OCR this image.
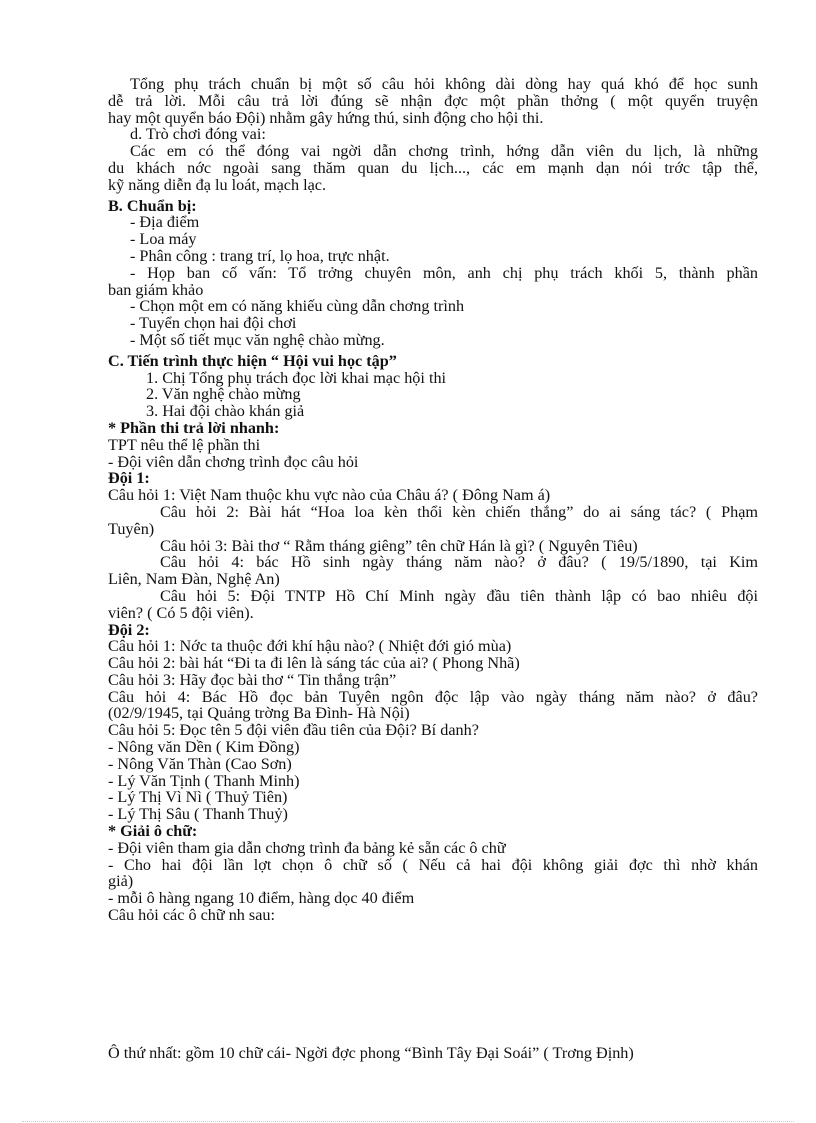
Tổng phụ trách chuẩn bị một số câu hỏi không dài dòng hay quá khó để học sunh

dễ trả lời. Mỗi câu trả lời đúng sẽ nhận đợc một phần thởng ( một quyển truyện

hay một quyển báo Đội) nhằm gây hứng thú, sinh động cho hội thi.

d. Trò chơi đóng vai:

Các em có thể đóng vai ngời dẫn chơng trình, hớng dẫn viên du lịch, là những

du khách nớc ngoài sang thăm quan du lịch..., các em mạnh dạn nói trớc tập thể,

kỹ năng diễn đạ lu loát, mạch lạc.

B. Chuẩn bị:

- Địa điểm

- Loa máy

- Phân công : trang trí, lọ hoa, trực nhật.

- Họp ban cố vấn: Tổ trởng chuyên môn, anh chị phụ trách khối 5, thành phần

ban giám khảo

- Chọn một em có năng khiếu cùng dẫn chơng trình

- Tuyển chọn hai đội chơi

- Một số tiết mục văn nghệ chào mừng.

C. Tiến trình thực hiện “ Hội vui học tập”

1. Chị Tổng phụ trách đọc lời khai mạc hội thi

2. Văn nghệ chào mừng

3. Hai đội chào khán giả

* Phần thi trả lời nhanh:

TPT nêu thể lệ phần thi

- Đội viên dẫn chơng trình đọc câu hỏi

Đội 1:

Câu hỏi 1: Việt Nam thuộc khu vực nào của Châu á? ( Đông Nam á)

Câu hỏi 2: Bài hát “Hoa loa kèn thổi kèn chiến thắng” do ai sáng tác? ( Phạm

Tuyên)

Câu hỏi 3: Bài thơ “ Rằm tháng giêng” tên chữ Hán là gì? ( Nguyên Tiêu)

Câu hỏi 4: bác Hồ sinh ngày tháng năm nào? ở đâu? ( 19/5/1890, tại Kim

Liên, Nam Đàn, Nghệ An)

Câu hỏi 5: Đội TNTP Hồ Chí Minh ngày đầu tiên thành lập có bao nhiêu đội

viên? ( Có 5 đội viên).

Đội 2:

Câu hỏi 1: Nớc ta thuộc đới khí hậu nào? ( Nhiệt đới gió mùa)

Câu hỏi 2: bài hát “Đi ta đi lên là sáng tác của ai? ( Phong Nhã)

Câu hỏi 3: Hãy đọc bài thơ “ Tin thắng trận”

Câu hỏi 4: Bác Hồ đọc bản Tuyên ngôn độc lập vào ngày tháng năm nào? ở đâu?

(02/9/1945, tại Quảng trờng Ba Đình- Hà Nội)

Câu hỏi 5: Đọc tên 5 đội viên đầu tiên của Đội? Bí danh?

- Nông văn Dền ( Kim Đồng)

- Nông Văn Thàn (Cao Sơn)

- Lý Văn Tịnh ( Thanh Minh)

- Lý Thị Vì Nì ( Thuỷ Tiên)

- Lý Thị Sâu ( Thanh Thuỷ)

* Giải ô chữ:

- Đội viên tham gia dẫn chơng trình đa bảng kẻ sẵn các ô chữ

- Cho hai đội lần lợt chọn ô chữ số ( Nếu cả hai đội không giải đợc thì nhờ khán

giả)

- mỗi ô hàng ngang 10 điểm, hàng dọc 40 điểm

Câu hỏi các ô chữ nh sau:

Ô thứ nhất: gồm 10 chữ cái- Ngời đợc phong “Bình Tây Đại Soái” ( Trơng Định)
